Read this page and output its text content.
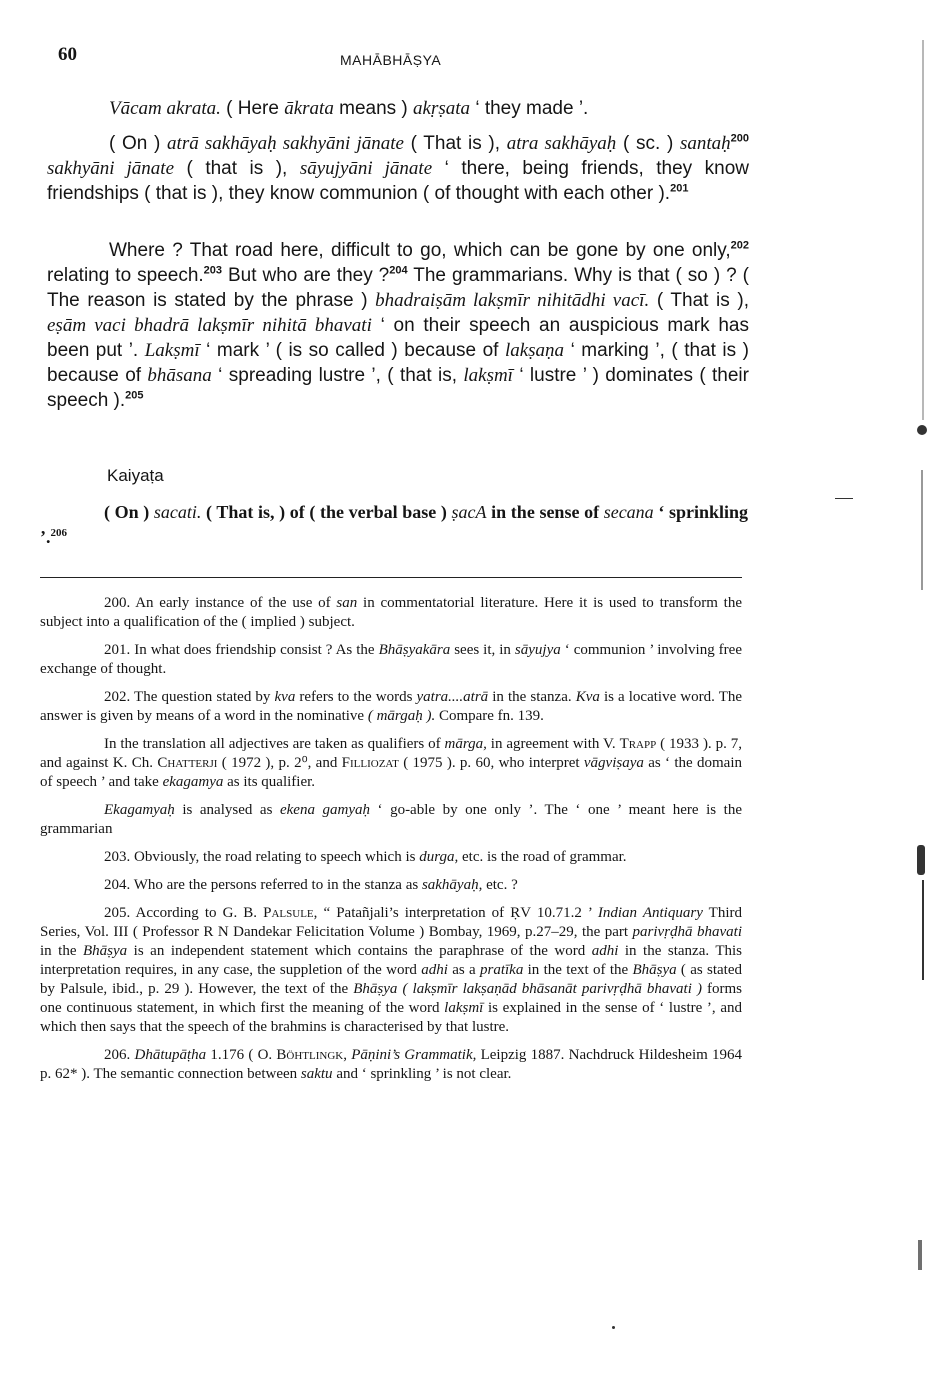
60	MAHĀBHĀṢYA

Vācam akrata. ( Here ākrata means ) akṛṣata ‘ they made ’.

( On ) atrā sakhāyaḥ sakhyāni jānate ( That is ), atra sakhāyaḥ ( sc. ) santaḥ$^{200}$ sakhyāni jānate ( that is ), sāyujyāni jānate ‘ there, being friends, they know friendships ( that is ), they know communion ( of thought with each other ).$^{201}$

Where ? That road here, difficult to go, which can be gone by one only,$^{202}$ relating to speech.$^{203}$ But who are they ?$^{204}$ The grammarians. Why is that ( so ) ? ( The reason is stated by the phrase ) bhadraiṣām lakṣmīr nihitādhi vacī. ( That is ), eṣām vaci bhadrā lakṣmīr nihitā bhavati ‘ on their speech an auspicious mark has been put ’. Lakṣmī ‘ mark ’ ( is so called ) because of lakṣaṇa ‘ marking ’, ( that is ) because of bhāsana ‘ spreading lustre ’, ( that is, lakṣmī ‘ lustre ’ ) dominates ( their speech ).$^{205}$

Kaiyaṭa

( On ) sacati. ( That is, ) of ( the verbal base ) ṣacA in the sense of secana ‘ sprinkling ’.$^{206}$

200. An early instance of the use of san in commentatorial literature. Here it is used to transform the subject into a qualification of the ( implied ) subject.

201. In what does friendship consist ? As the Bhāṣyakāra sees it, in sāyujya ‘ communion ’ involving free exchange of thought.

202. The question stated by kva refers to the words yatra....atrā in the stanza. Kva is a locative word. The answer is given by means of a word in the nominative ( mārgaḥ ). Compare fn. 139.

In the translation all adjectives are taken as qualifiers of mārga, in agreement with V. Trapp ( 1933 ). p. 7, and against K. Ch. Chatterji ( 1972 ), p. 2⁰, and Filliozat ( 1975 ). p. 60, who interpret vāgviṣaya as ‘ the domain of speech ’ and take ekagamya as its qualifier.

Ekagamyaḥ is analysed as ekena gamyaḥ ‘ go-able by one only ’. The ‘ one ’ meant here is the grammarian

203. Obviously, the road relating to speech which is durga, etc. is the road of grammar.

204. Who are the persons referred to in the stanza as sakhāyaḥ, etc. ?

205. According to G. B. Palsule, “ Patañjali’s interpretation of ṚV 10.71.2 ’ Indian Antiquary Third Series, Vol. III ( Professor R N Dandekar Felicitation Volume ) Bombay, 1969, p.27–29, the part parivṛḍhā bhavati in the Bhāṣya is an independent statement which contains the paraphrase of the word adhi in the stanza. This interpretation requires, in any case, the suppletion of the word adhi as a pratīka in the text of the Bhāṣya ( as stated by Palsule, ibid., p. 29 ). However, the text of the Bhāṣya ( lakṣmīr lakṣaṇād bhāsanāt parivṛḍhā bhavati ) forms one continuous statement, in which first the meaning of the word lakṣmī is explained in the sense of ‘ lustre ’, and which then says that the speech of the brahmins is characterised by that lustre.

206. Dhātupāṭha 1.176 ( O. Böhtlingk, Pāṇini’s Grammatik, Leipzig 1887. Nachdruck Hildesheim 1964 p. 62* ). The semantic connection between saktu and ‘ sprinkling ’ is not clear.
